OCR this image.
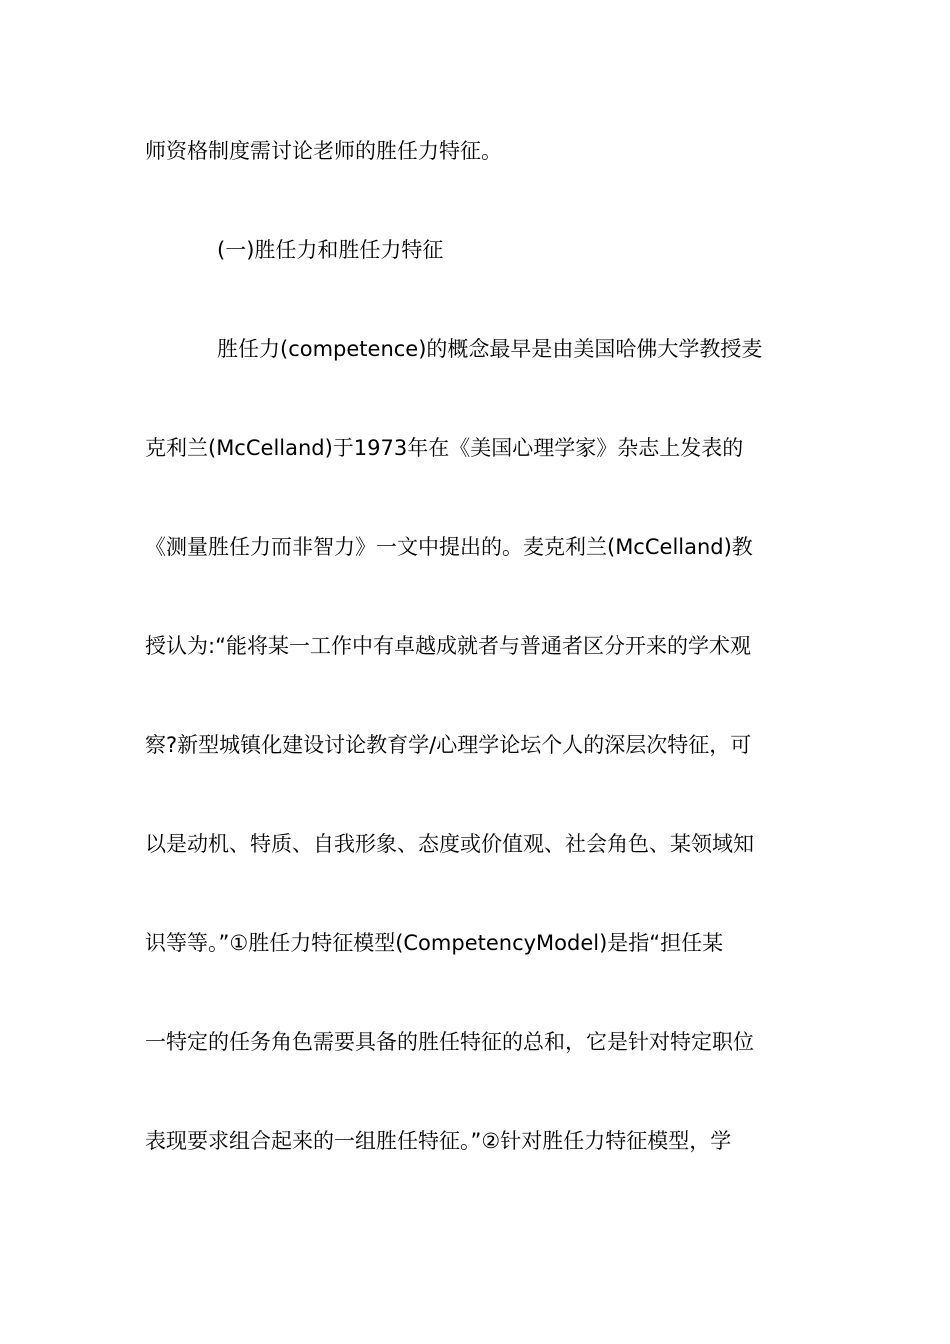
师资格制度需讨论老师的胜任力特征。
(一)胜任力和胜任力特征
胜任力(competence)的概念最早是由美国哈佛大学教授麦
克利兰(McCelland)于1973年在《美国心理学家》杂志上发表的
《测量胜任力而非智力》一文中提出的。麦克利兰(McCelland)教
授认为:“能将某一工作中有卓越成就者与普通者区分开来的学术观
察?新型城镇化建设讨论教育学/心理学论坛个人的深层次特征，可
以是动机、特质、自我形象、态度或价值观、社会角色、某领域知
识等等。”①胜任力特征模型(CompetencyModel)是指“担任某
一特定的任务角色需要具备的胜任特征的总和，它是针对特定职位
表现要求组合起来的一组胜任特征。”②针对胜任力特征模型，学
